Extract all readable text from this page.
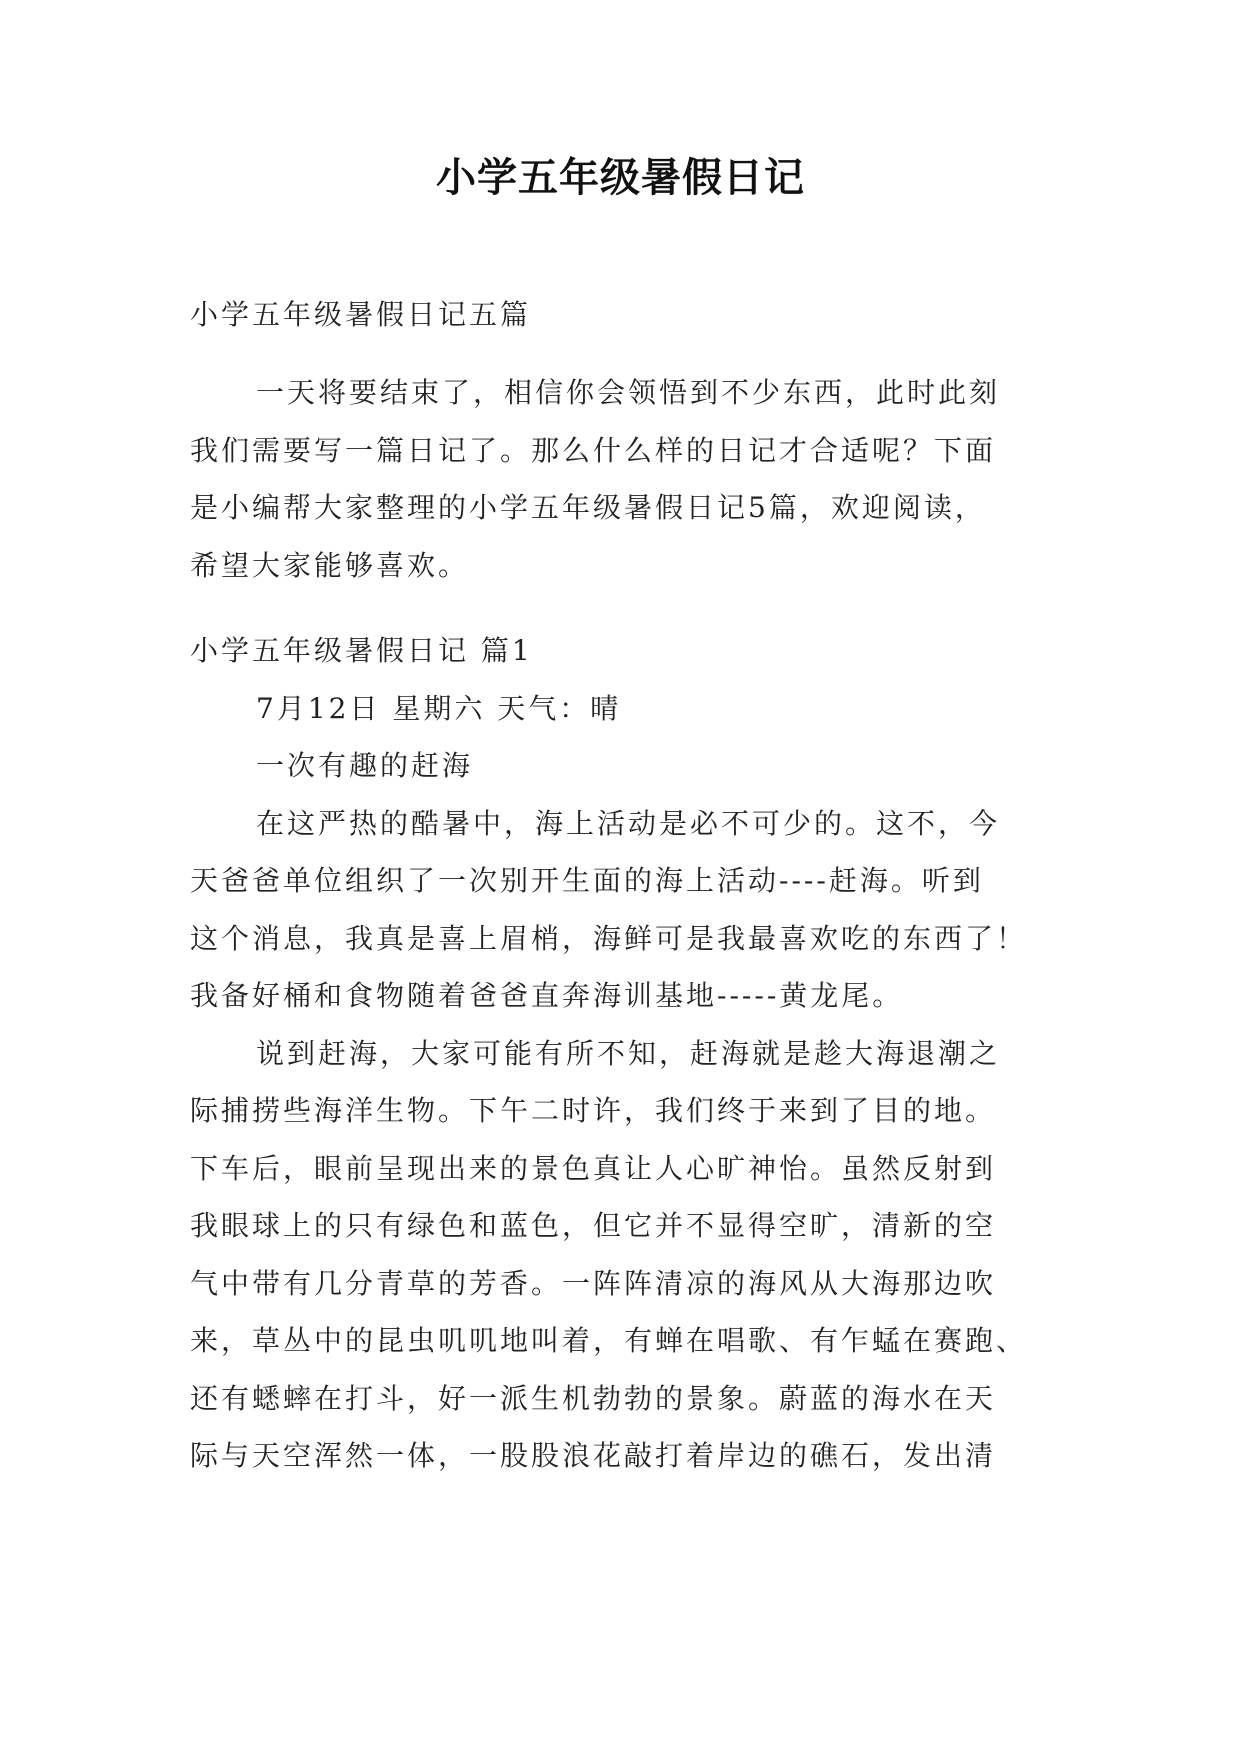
小学五年级暑假日记
小学五年级暑假日记五篇
一天将要结束了，相信你会领悟到不少东西，此时此刻
我们需要写一篇日记了。那么什么样的日记才合适呢？下面
是小编帮大家整理的小学五年级暑假日记5篇，欢迎阅读，
希望大家能够喜欢。
小学五年级暑假日记 篇1
7月12日 星期六 天气：晴
一次有趣的赶海
在这严热的酷暑中，海上活动是必不可少的。这不，今
天爸爸单位组织了一次别开生面的海上活动----赶海。听到
这个消息，我真是喜上眉梢，海鲜可是我最喜欢吃的东西了！
我备好桶和食物随着爸爸直奔海训基地-----黄龙尾。
说到赶海，大家可能有所不知，赶海就是趁大海退潮之
际捕捞些海洋生物。下午二时许，我们终于来到了目的地。
下车后，眼前呈现出来的景色真让人心旷神怡。虽然反射到
我眼球上的只有绿色和蓝色，但它并不显得空旷，清新的空
气中带有几分青草的芳香。一阵阵清凉的海风从大海那边吹
来，草丛中的昆虫叽叽地叫着，有蝉在唱歌、有乍蜢在赛跑、
还有蟋蟀在打斗，好一派生机勃勃的景象。蔚蓝的海水在天
际与天空浑然一体，一股股浪花敲打着岸边的礁石，发出清
